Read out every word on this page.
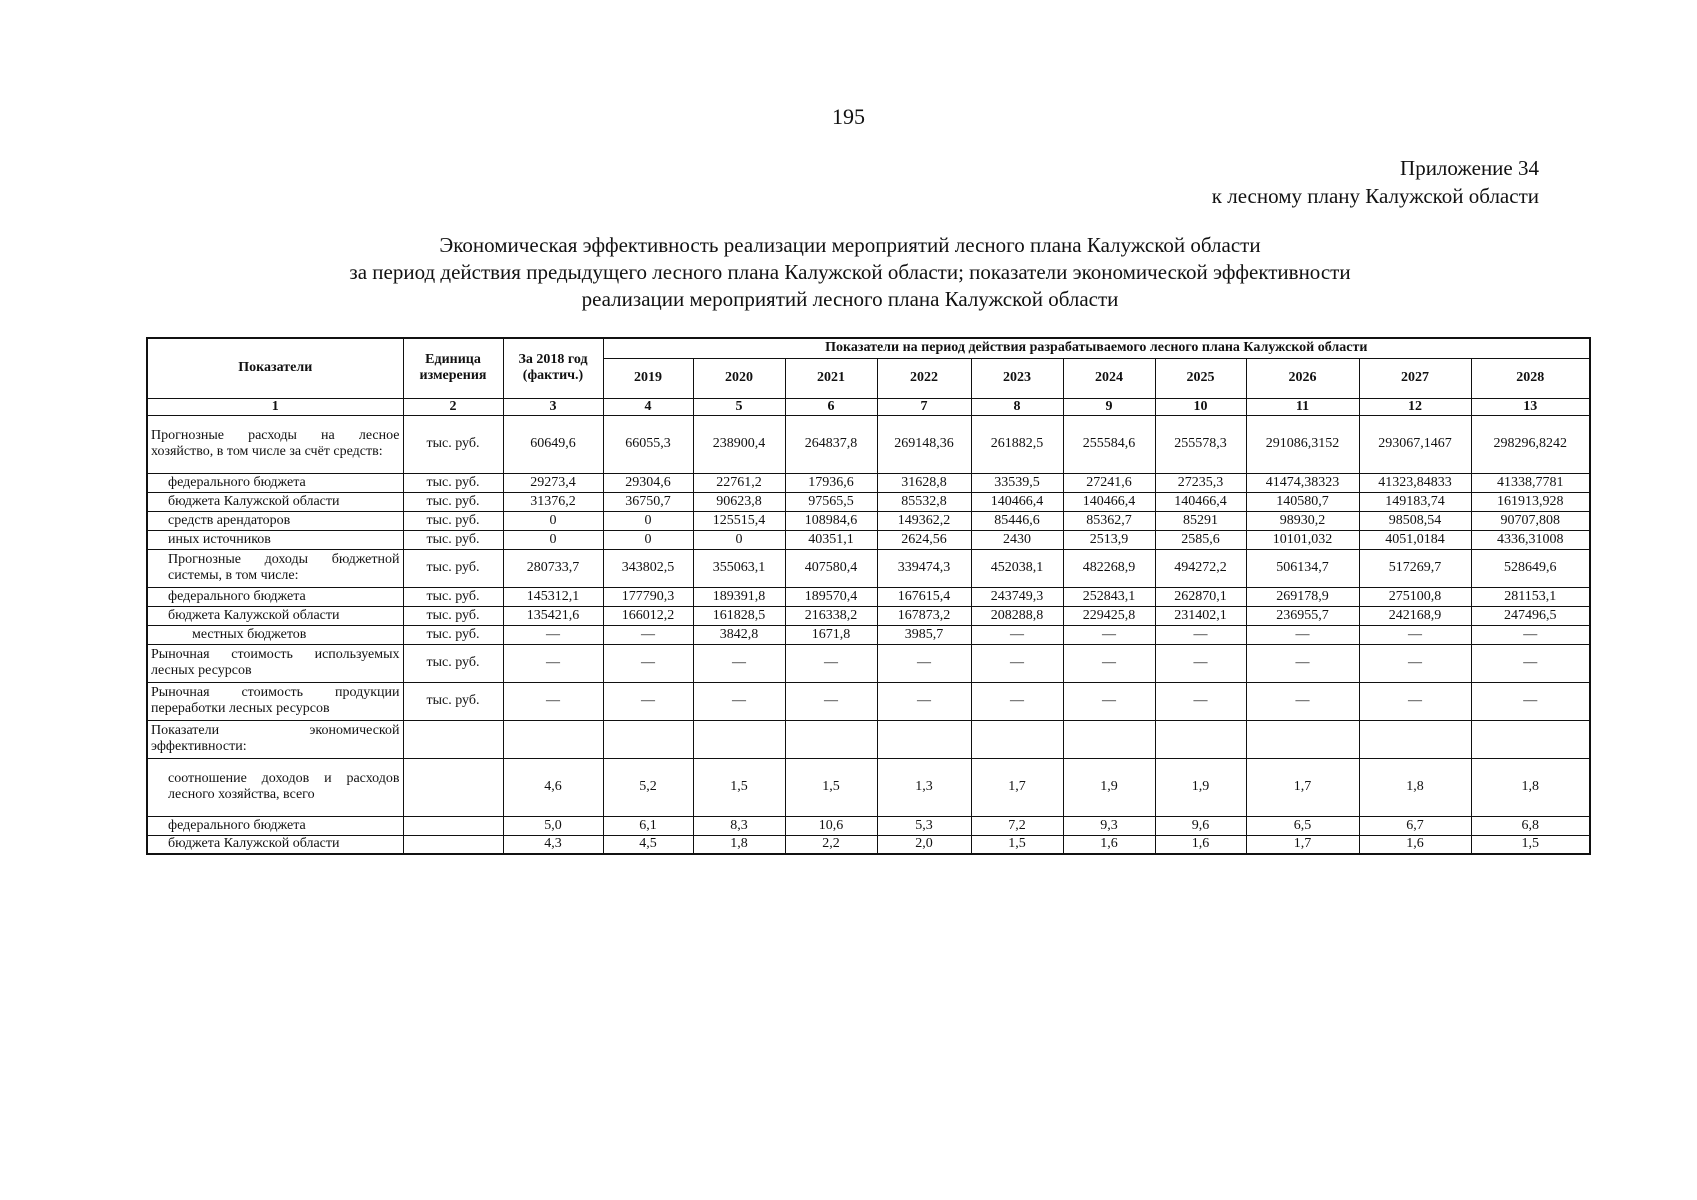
195
Приложение 34
к лесному плану Калужской области
Экономическая эффективность реализации мероприятий лесного плана Калужской области
за период действия предыдущего лесного плана Калужской области; показатели экономической эффективности
реализации мероприятий лесного плана Калужской области
Показатели	Единица измерения	За 2018 год (фактич.)	Показатели на период действия разрабатываемого лесного плана Калужской области									
			2019	2020	2021	2022	2023	2024	2025	2026	2027	2028
1	2	3	4	5	6	7	8	9	10	11	12	13
Прогнозные расходы на лесное хозяйство, в том числе за счёт средств:	тыс. руб.	60649,6	66055,3	238900,4	264837,8	269148,36	261882,5	255584,6	255578,3	291086,3152	293067,1467	298296,8242
федерального бюджета	тыс. руб.	29273,4	29304,6	22761,2	17936,6	31628,8	33539,5	27241,6	27235,3	41474,38323	41323,84833	41338,7781
бюджета Калужской области	тыс. руб.	31376,2	36750,7	90623,8	97565,5	85532,8	140466,4	140466,4	140466,4	140580,7	149183,74	161913,928
средств арендаторов	тыс. руб.	0	0	125515,4	108984,6	149362,2	85446,6	85362,7	85291	98930,2	98508,54	90707,808
иных источников	тыс. руб.	0	0	0	40351,1	2624,56	2430	2513,9	2585,6	10101,032	4051,0184	4336,31008
Прогнозные доходы бюджетной системы, в том числе:	тыс. руб.	280733,7	343802,5	355063,1	407580,4	339474,3	452038,1	482268,9	494272,2	506134,7	517269,7	528649,6
федерального бюджета	тыс. руб.	145312,1	177790,3	189391,8	189570,4	167615,4	243749,3	252843,1	262870,1	269178,9	275100,8	281153,1
бюджета Калужской области	тыс. руб.	135421,6	166012,2	161828,5	216338,2	167873,2	208288,8	229425,8	231402,1	236955,7	242168,9	247496,5
местных бюджетов	тыс. руб.	—	—	3842,8	1671,8	3985,7	—	—	—	—	—	—
Рыночная стоимость используемых лесных ресурсов	тыс. руб.	—	—	—	—	—	—	—	—	—	—	—
Рыночная стоимость продукции переработки лесных ресурсов	тыс. руб.	—	—	—	—	—	—	—	—	—	—	—
Показатели экономической эффективности:												
соотношение доходов и расходов лесного хозяйства, всего		4,6	5,2	1,5	1,5	1,3	1,7	1,9	1,9	1,7	1,8	1,8
федерального бюджета		5,0	6,1	8,3	10,6	5,3	7,2	9,3	9,6	6,5	6,7	6,8
бюджета Калужской области		4,3	4,5	1,8	2,2	2,0	1,5	1,6	1,6	1,7	1,6	1,5
